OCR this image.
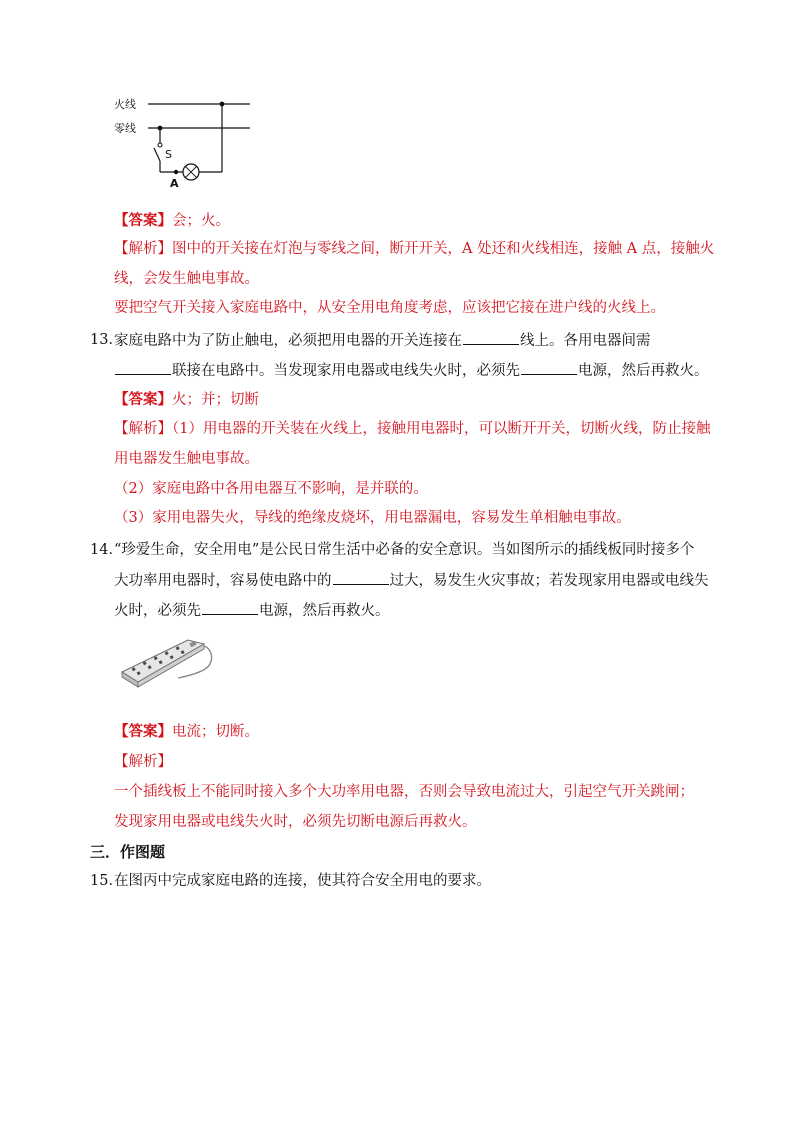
火线
零线
S
A
【答案】会；火。
【解析】图中的开关接在灯泡与零线之间，断开开关，A 处还和火线相连，接触 A 点，接触火
线，会发生触电事故。
要把空气开关接入家庭电路中，从安全用电角度考虑，应该把它接在进户线的火线上。
13．
家庭电路中为了防止触电，必须把用电器的开关连接在	线上。各用电器间需
联接在电路中。当发现家用电器或电线失火时，必须先	电源，然后再救火。
【答案】火；并；切断
【解析】（1）用电器的开关装在火线上，接触用电器时，可以断开开关，切断火线，防止接触
用电器发生触电事故。
（2）家庭电路中各用电器互不影响，是并联的。
（3）家用电器失火，导线的绝缘皮烧坏，用电器漏电，容易发生单相触电事故。
14．
“珍爱生命，安全用电”是公民日常生活中必备的安全意识。当如图所示的插线板同时接多个
大功率用电器时，容易使电路中的	过大，易发生火灾事故；若发现家用电器或电线失
火时，必须先	电源，然后再救火。
【答案】电流；切断。
【解析】
一个插线板上不能同时接入多个大功率用电器，否则会导致电流过大，引起空气开关跳闸；
发现家用电器或电线失火时，必须先切断电源后再救火。
三．作图题
15．
在图丙中完成家庭电路的连接，使其符合安全用电的要求。
